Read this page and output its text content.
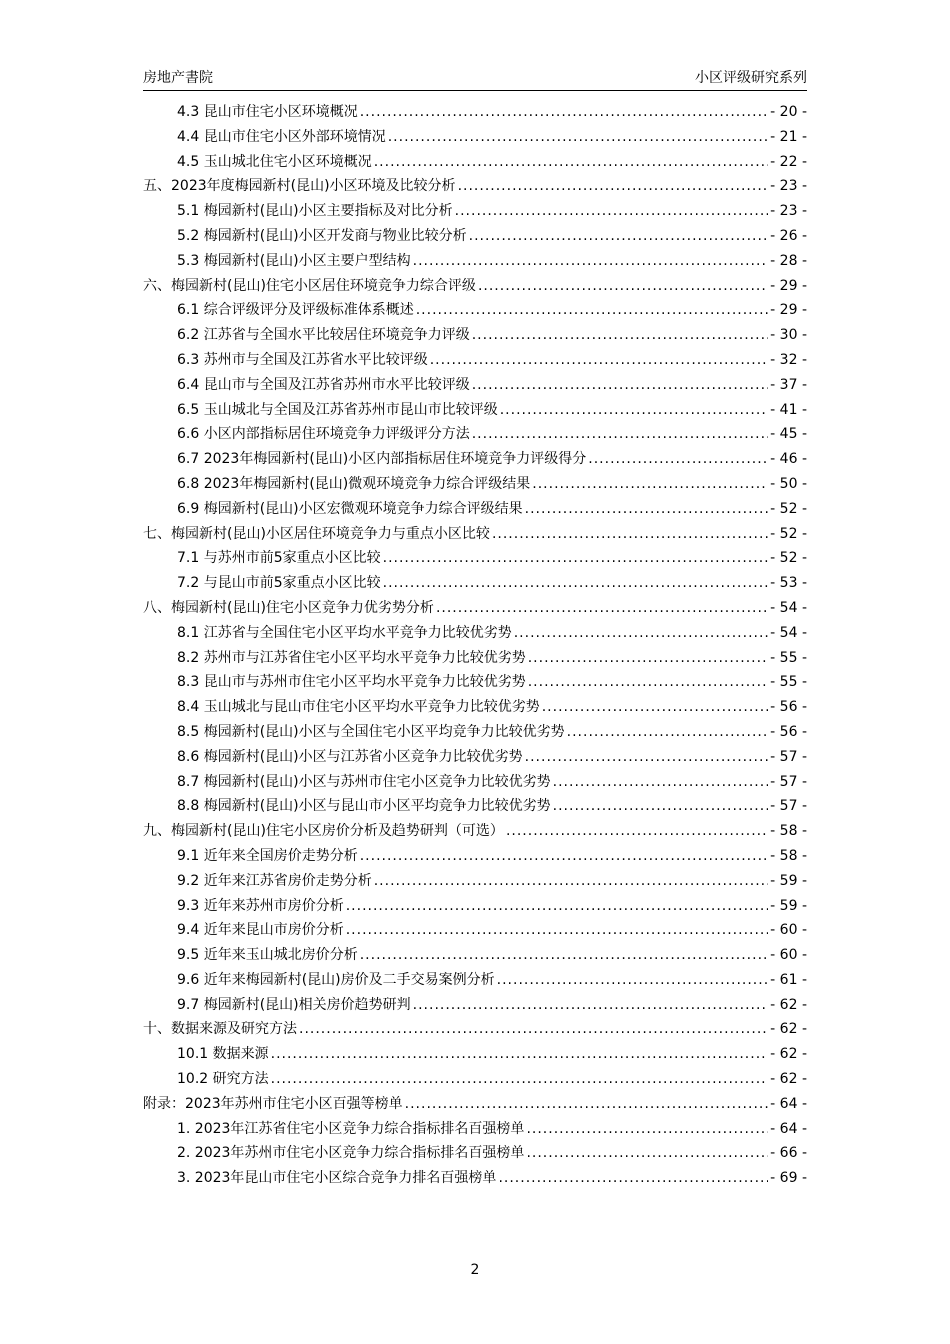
房地产書院	小区评级研究系列
4.3 昆山市住宅小区环境概况 .....	- 20 -
4.4 昆山市住宅小区外部环境情况 .....	- 21 -
4.5 玉山城北住宅小区环境概况 .....	- 22 -
五、2023年度梅园新村(昆山)小区环境及比较分析 .....	- 23 -
5.1 梅园新村(昆山)小区主要指标及对比分析 .....	- 23 -
5.2 梅园新村(昆山)小区开发商与物业比较分析 .....	- 26 -
5.3 梅园新村(昆山)小区主要户型结构 .....	- 28 -
六、梅园新村(昆山)住宅小区居住环境竞争力综合评级 .....	- 29 -
6.1 综合评级评分及评级标准体系概述 .....	- 29 -
6.2 江苏省与全国水平比较居住环境竞争力评级 .....	- 30 -
6.3 苏州市与全国及江苏省水平比较评级 .....	- 32 -
6.4 昆山市与全国及江苏省苏州市水平比较评级 .....	- 37 -
6.5 玉山城北与全国及江苏省苏州市昆山市比较评级 .....	- 41 -
6.6 小区内部指标居住环境竞争力评级评分方法 .....	- 45 -
6.7 2023年梅园新村(昆山)小区内部指标居住环境竞争力评级得分 .....	- 46 -
6.8 2023年梅园新村(昆山)微观环境竞争力综合评级结果 .....	- 50 -
6.9 梅园新村(昆山)小区宏微观环境竞争力综合评级结果 .....	- 52 -
七、梅园新村(昆山)小区居住环境竞争力与重点小区比较 .....	- 52 -
7.1 与苏州市前5家重点小区比较 .....	- 52 -
7.2 与昆山市前5家重点小区比较 .....	- 53 -
八、梅园新村(昆山)住宅小区竞争力优劣势分析 .....	- 54 -
8.1 江苏省与全国住宅小区平均水平竞争力比较优劣势 .....	- 54 -
8.2 苏州市与江苏省住宅小区平均水平竞争力比较优劣势 .....	- 55 -
8.3 昆山市与苏州市住宅小区平均水平竞争力比较优劣势 .....	- 55 -
8.4 玉山城北与昆山市住宅小区平均水平竞争力比较优劣势 .....	- 56 -
8.5 梅园新村(昆山)小区与全国住宅小区平均竞争力比较优劣势 .....	- 56 -
8.6 梅园新村(昆山)小区与江苏省小区竞争力比较优劣势 .....	- 57 -
8.7 梅园新村(昆山)小区与苏州市住宅小区竞争力比较优劣势 .....	- 57 -
8.8 梅园新村(昆山)小区与昆山市小区平均竞争力比较优劣势 .....	- 57 -
九、梅园新村(昆山)住宅小区房价分析及趋势研判（可选） .....	- 58 -
9.1 近年来全国房价走势分析 .....	- 58 -
9.2 近年来江苏省房价走势分析 .....	- 59 -
9.3 近年来苏州市房价分析 .....	- 59 -
9.4 近年来昆山市房价分析 .....	- 60 -
9.5 近年来玉山城北房价分析 .....	- 60 -
9.6 近年来梅园新村(昆山)房价及二手交易案例分析 .....	- 61 -
9.7 梅园新村(昆山)相关房价趋势研判 .....	- 62 -
十、数据来源及研究方法 .....	- 62 -
10.1 数据来源 .....	- 62 -
10.2 研究方法 .....	- 62 -
附录：2023年苏州市住宅小区百强等榜单 .....	- 64 -
1. 2023年江苏省住宅小区竞争力综合指标排名百强榜单 .....	- 64 -
2. 2023年苏州市住宅小区竞争力综合指标排名百强榜单 .....	- 66 -
3. 2023年昆山市住宅小区综合竞争力排名百强榜单 .....	- 69 -
2
